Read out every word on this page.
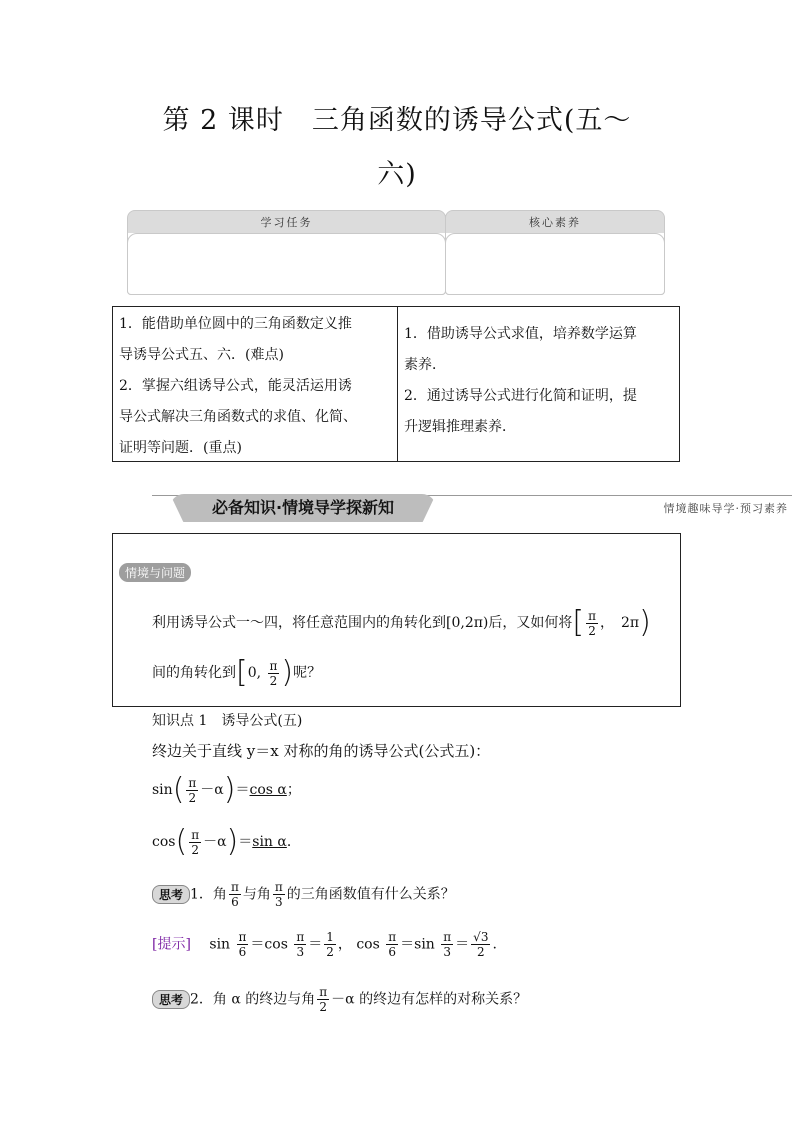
第 2 课时　三角函数的诱导公式(五～
六)
学习任务	核心素养
1．能借助单位圆中的三角函数定义推
导诱导公式五、六．(难点)
2．掌握六组诱导公式，能灵活运用诱
导公式解决三角函数式的求值、化简、
证明等问题．(重点)
1．借助诱导公式求值，培养数学运算
素养．
2．通过诱导公式进行化简和证明，提
升逻辑推理素养．
必备知识·情境导学探新知	情境趣味导学·预习素养
情境与问题
利用诱导公式一～四，将任意范围内的角转化到[0,2π)后，又如何将[ $\frac{\pi}{2}$ ，　2π)
间的角转化到[0, $\frac{\pi}{2}$ )呢？
知识点 1　诱导公式(五)
终边关于直线 y＝x 对称的角的诱导公式(公式五)：
$\sin( \frac{\pi}{2} -\alpha)=\cos$ α；
$\cos( \frac{\pi}{2} -\alpha)=\sin$ α．
思考 1．角 $\frac{\pi}{6}$ 与角 $\frac{\pi}{3}$ 的三角函数值有什么关系？
[提示]　 $\sin \frac{\pi}{6} =\cos \frac{\pi}{3} = \frac{1}{2}$ ， $\cos \frac{\pi}{6} =\sin \frac{\pi}{3} = \frac{√3}{2}$ .
思考 2．角 α 的终边与角 $\frac{\pi}{2} -\alpha$ 的终边有怎样的对称关系？
